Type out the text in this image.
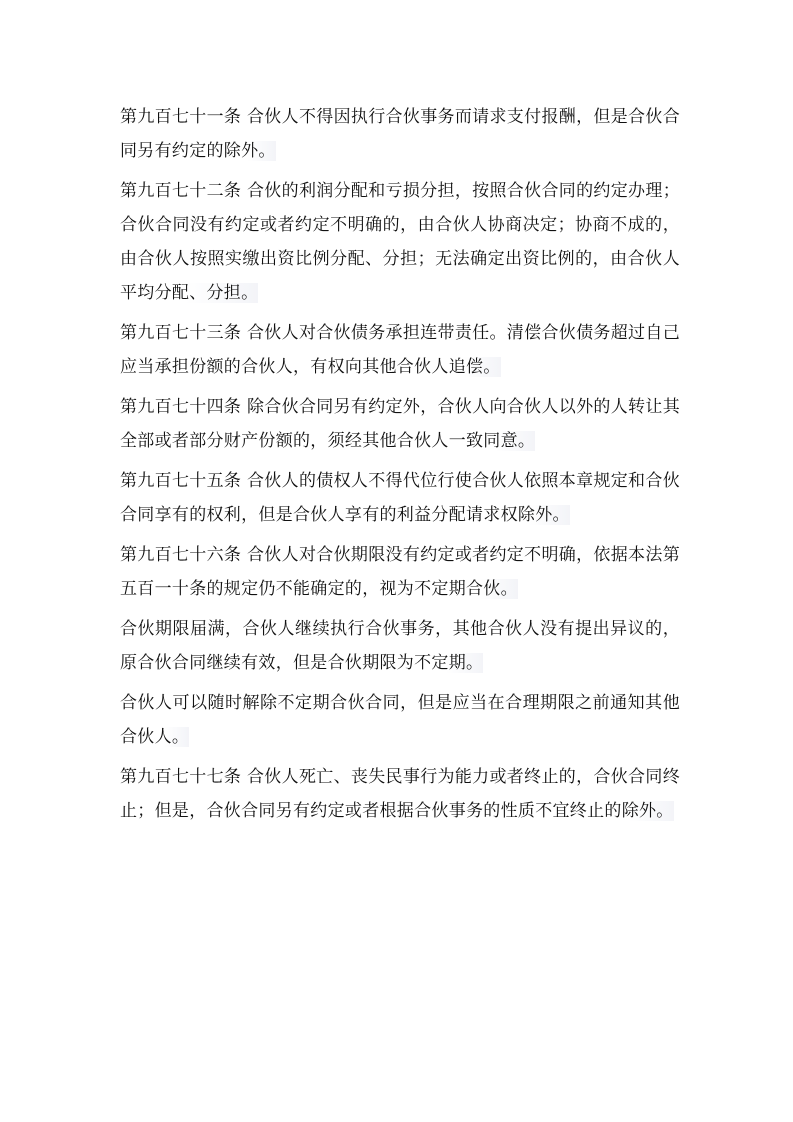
第九百七十一条 合伙人不得因执行合伙事务而请求支付报酬，但是合伙合同另有约定的除外。

第九百七十二条 合伙的利润分配和亏损分担，按照合伙合同的约定办理；合伙合同没有约定或者约定不明确的，由合伙人协商决定；协商不成的，由合伙人按照实缴出资比例分配、分担；无法确定出资比例的，由合伙人平均分配、分担。

第九百七十三条 合伙人对合伙债务承担连带责任。清偿合伙债务超过自己应当承担份额的合伙人，有权向其他合伙人追偿。

第九百七十四条 除合伙合同另有约定外，合伙人向合伙人以外的人转让其全部或者部分财产份额的，须经其他合伙人一致同意。

第九百七十五条 合伙人的债权人不得代位行使合伙人依照本章规定和合伙合同享有的权利，但是合伙人享有的利益分配请求权除外。

第九百七十六条 合伙人对合伙期限没有约定或者约定不明确，依据本法第五百一十条的规定仍不能确定的，视为不定期合伙。

合伙期限届满，合伙人继续执行合伙事务，其他合伙人没有提出异议的，原合伙合同继续有效，但是合伙期限为不定期。

合伙人可以随时解除不定期合伙合同，但是应当在合理期限之前通知其他合伙人。

第九百七十七条 合伙人死亡、丧失民事行为能力或者终止的，合伙合同终止；但是，合伙合同另有约定或者根据合伙事务的性质不宜终止的除外。
